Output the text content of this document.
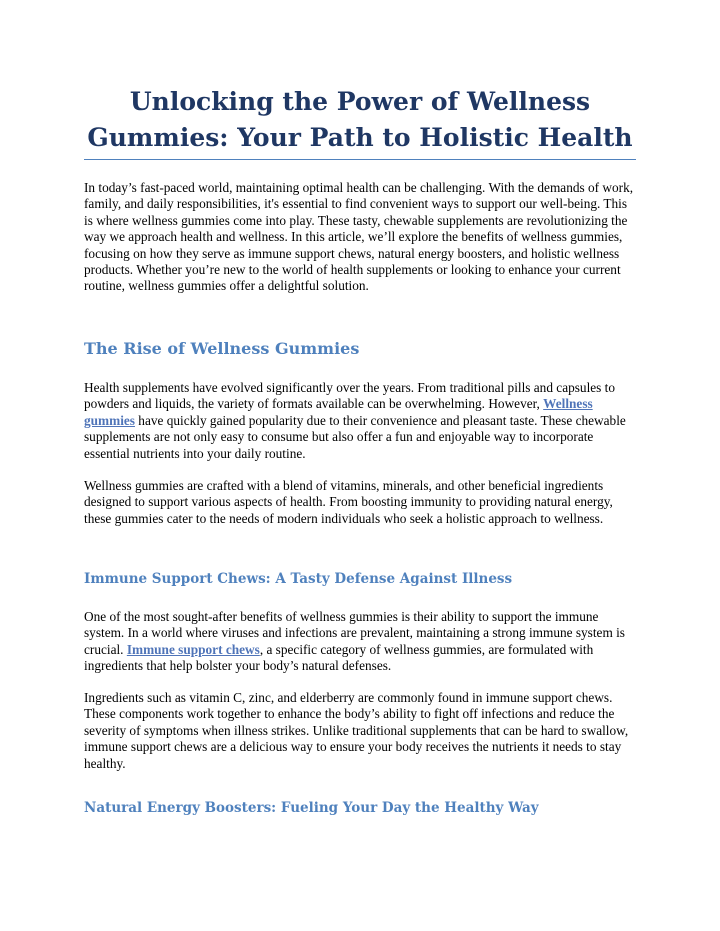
Unlocking the Power of Wellness Gummies: Your Path to Holistic Health

In today’s fast-paced world, maintaining optimal health can be challenging. With the demands of work, family, and daily responsibilities, it's essential to find convenient ways to support our well-being. This is where wellness gummies come into play. These tasty, chewable supplements are revolutionizing the way we approach health and wellness. In this article, we’ll explore the benefits of wellness gummies, focusing on how they serve as immune support chews, natural energy boosters, and holistic wellness products. Whether you’re new to the world of health supplements or looking to enhance your current routine, wellness gummies offer a delightful solution.

The Rise of Wellness Gummies

Health supplements have evolved significantly over the years. From traditional pills and capsules to powders and liquids, the variety of formats available can be overwhelming. However, Wellness gummies have quickly gained popularity due to their convenience and pleasant taste. These chewable supplements are not only easy to consume but also offer a fun and enjoyable way to incorporate essential nutrients into your daily routine.

Wellness gummies are crafted with a blend of vitamins, minerals, and other beneficial ingredients designed to support various aspects of health. From boosting immunity to providing natural energy, these gummies cater to the needs of modern individuals who seek a holistic approach to wellness.

Immune Support Chews: A Tasty Defense Against Illness

One of the most sought-after benefits of wellness gummies is their ability to support the immune system. In a world where viruses and infections are prevalent, maintaining a strong immune system is crucial. Immune support chews, a specific category of wellness gummies, are formulated with ingredients that help bolster your body’s natural defenses.

Ingredients such as vitamin C, zinc, and elderberry are commonly found in immune support chews. These components work together to enhance the body’s ability to fight off infections and reduce the severity of symptoms when illness strikes. Unlike traditional supplements that can be hard to swallow, immune support chews are a delicious way to ensure your body receives the nutrients it needs to stay healthy.

Natural Energy Boosters: Fueling Your Day the Healthy Way
